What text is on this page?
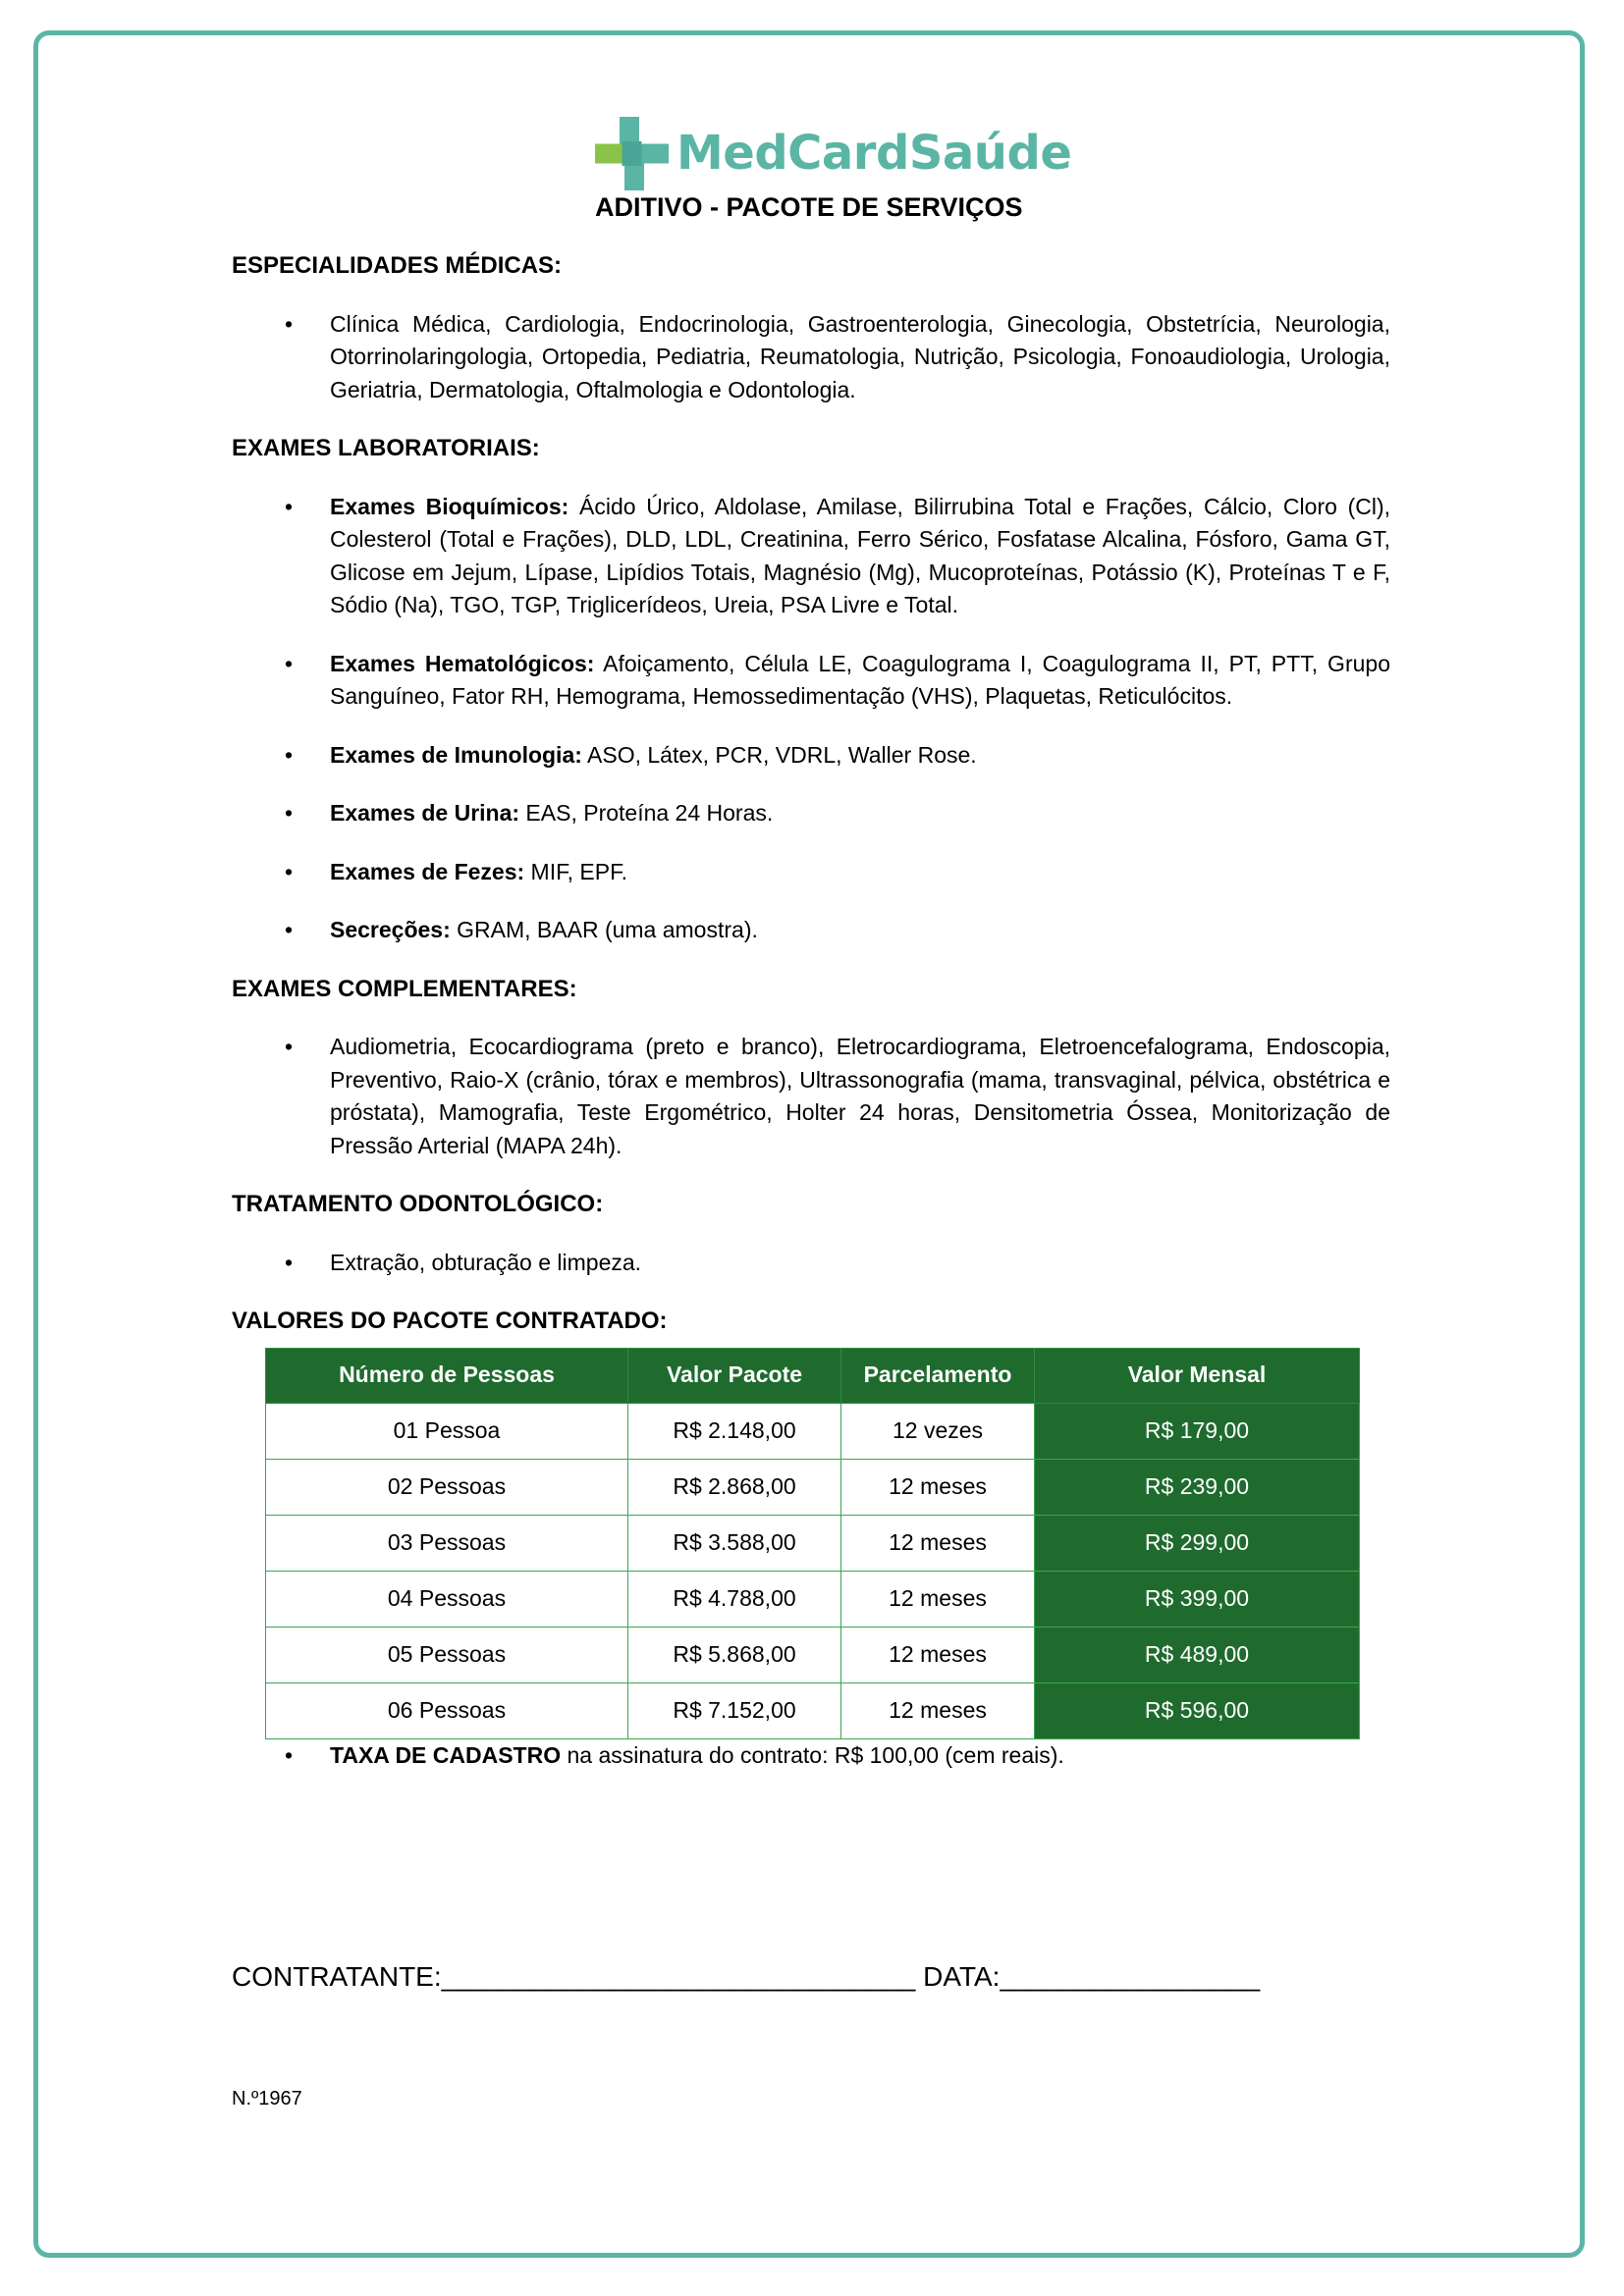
MedCardSaúde
ADITIVO - PACOTE DE SERVIÇOS
ESPECIALIDADES MÉDICAS:
• Clínica Médica, Cardiologia, Endocrinologia, Gastroenterologia, Ginecologia, Obstetrícia, Neurologia, Otorrinolaringologia, Ortopedia, Pediatria, Reumatologia, Nutrição, Psicologia, Fonoaudiologia, Urologia, Geriatria, Dermatologia, Oftalmologia e Odontologia.
EXAMES LABORATORIAIS:
• Exames Bioquímicos: Ácido Úrico, Aldolase, Amilase, Bilirrubina Total e Frações, Cálcio, Cloro (Cl), Colesterol (Total e Frações), DLD, LDL, Creatinina, Ferro Sérico, Fosfatase Alcalina, Fósforo, Gama GT, Glicose em Jejum, Lípase, Lipídios Totais, Magnésio (Mg), Mucoproteínas, Potássio (K), Proteínas T e F, Sódio (Na), TGO, TGP, Triglicerídeos, Ureia, PSA Livre e Total.
• Exames Hematológicos: Afoiçamento, Célula LE, Coagulograma I, Coagulograma II, PT, PTT, Grupo Sanguíneo, Fator RH, Hemograma, Hemossedimentação (VHS), Plaquetas, Reticulócitos.
• Exames de Imunologia: ASO, Látex, PCR, VDRL, Waller Rose.
• Exames de Urina: EAS, Proteína 24 Horas.
• Exames de Fezes: MIF, EPF.
• Secreções: GRAM, BAAR (uma amostra).
EXAMES COMPLEMENTARES:
• Audiometria, Ecocardiograma (preto e branco), Eletrocardiograma, Eletroencefalograma, Endoscopia, Preventivo, Raio-X (crânio, tórax e membros), Ultrassonografia (mama, transvaginal, pélvica, obstétrica e próstata), Mamografia, Teste Ergométrico, Holter 24 horas, Densitometria Óssea, Monitorização de Pressão Arterial (MAPA 24h).
TRATAMENTO ODONTOLÓGICO:
• Extração, obturação e limpeza.
VALORES DO PACOTE CONTRATADO:
Número de Pessoas	Valor Pacote	Parcelamento	Valor Mensal
01 Pessoa	R$ 2.148,00	12 vezes	R$ 179,00
02 Pessoas	R$ 2.868,00	12 meses	R$ 239,00
03 Pessoas	R$ 3.588,00	12 meses	R$ 299,00
04 Pessoas	R$ 4.788,00	12 meses	R$ 399,00
05 Pessoas	R$ 5.868,00	12 meses	R$ 489,00
06 Pessoas	R$ 7.152,00	12 meses	R$ 596,00
• TAXA DE CADASTRO na assinatura do contrato: R$ 100,00 (cem reais).
CONTRATANTE:_______________________________ DATA:_________________
N.º1967
